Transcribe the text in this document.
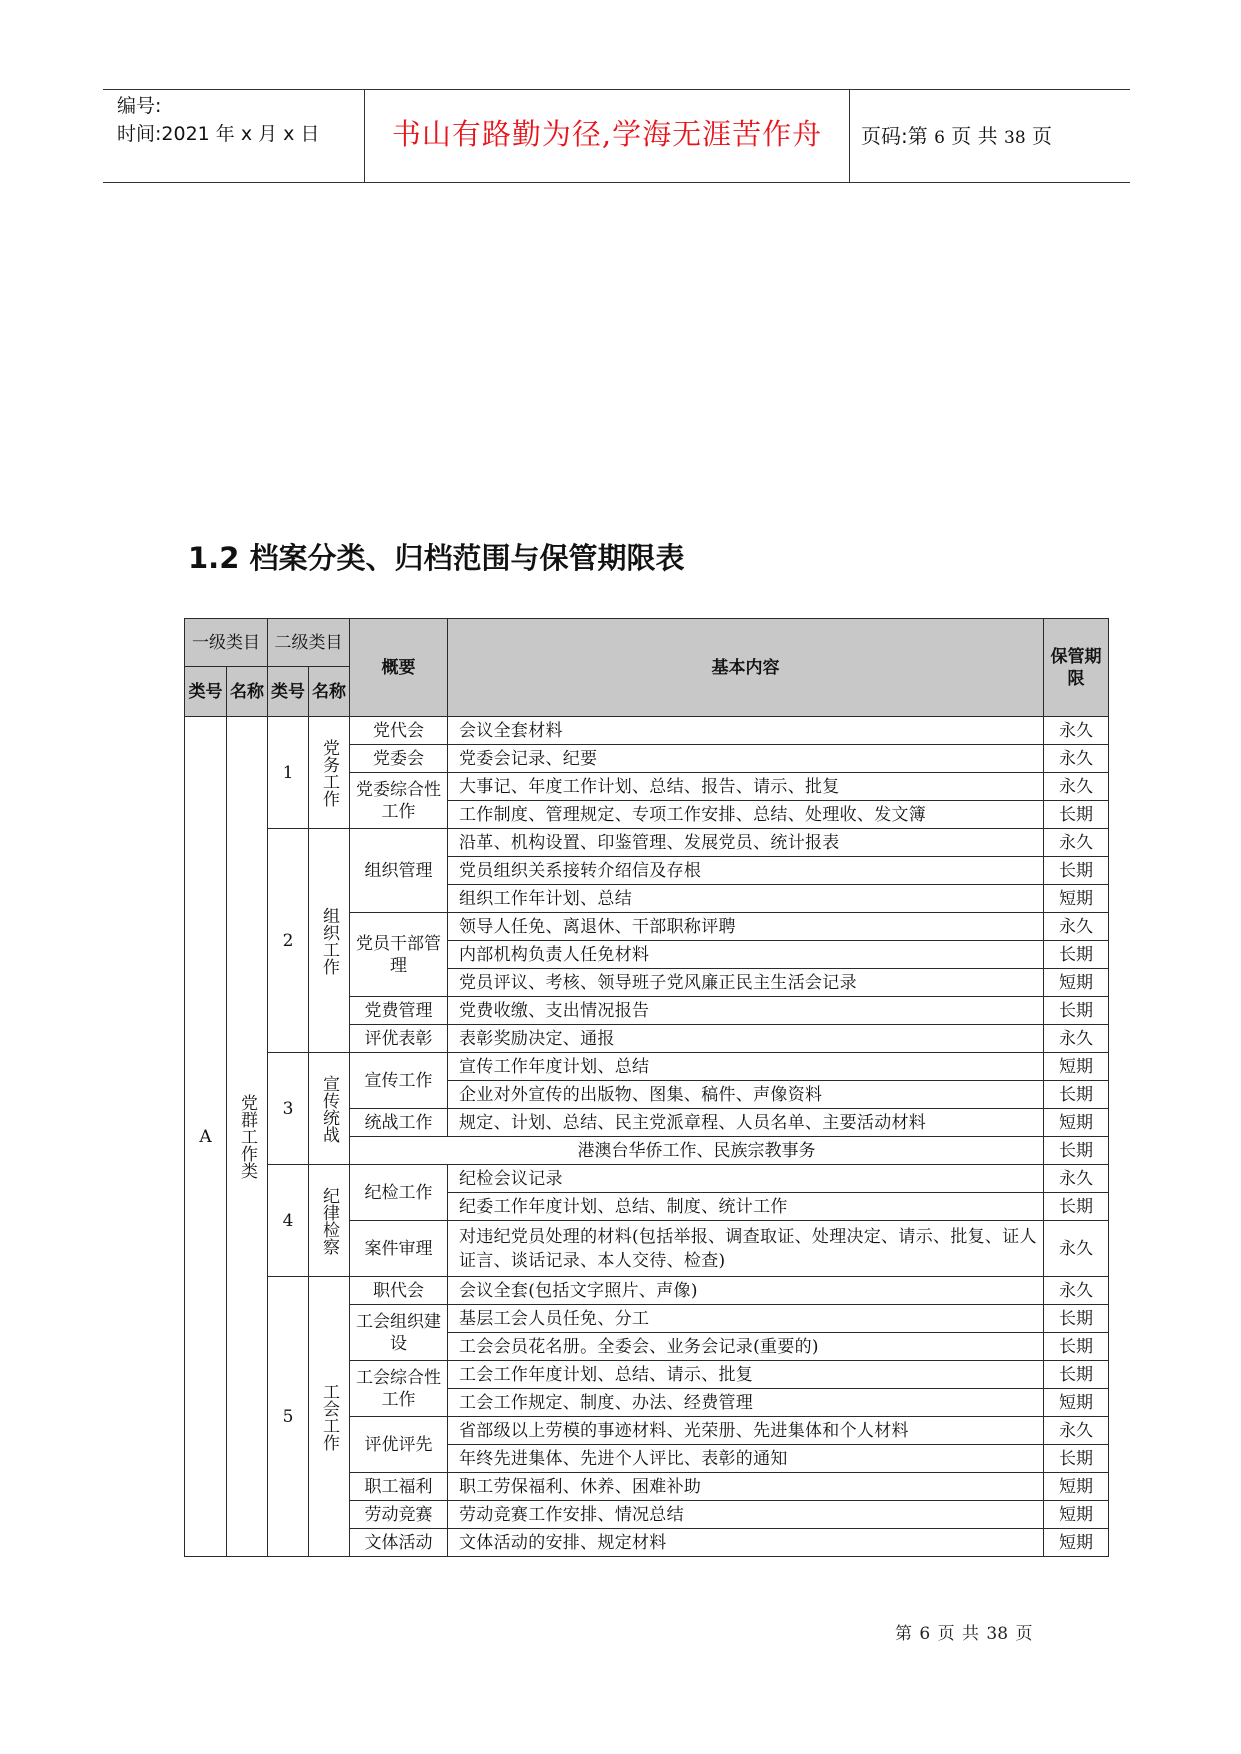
编号:
时间:2021 年 x 月 x 日	书山有路勤为径,学海无涯苦作舟	页码:第 6 页 共 38 页
1.2 档案分类、归档范围与保管期限表
一级类目		二级类目		概要	基本内容	保管期限
类号	名称	类号	名称			
A	党群工作类	1	党务工作	党代会	会议全套材料	永久
				党委会	党委会记录、纪要	永久
				党委综合性工作	大事记、年度工作计划、总结、报告、请示、批复	永久
					工作制度、管理规定、专项工作安排、总结、处理收、发文簿	长期
		2	组织工作	组织管理	沿革、机构设置、印鉴管理、发展党员、统计报表	永久
					党员组织关系接转介绍信及存根	长期
					组织工作年计划、总结	短期
				党员干部管理	领导人任免、离退休、干部职称评聘	永久
					内部机构负责人任免材料	长期
					党员评议、考核、领导班子党风廉正民主生活会记录	短期
				党费管理	党费收缴、支出情况报告	长期
				评优表彰	表彰奖励决定、通报	永久
		3	宣传统战	宣传工作	宣传工作年度计划、总结	短期
					企业对外宣传的出版物、图集、稿件、声像资料	长期
				统战工作	规定、计划、总结、民主党派章程、人员名单、主要活动材料	短期
				港澳台华侨工作、民族宗教事务		长期
		4	纪律检察	纪检工作	纪检会议记录	永久
					纪委工作年度计划、总结、制度、统计工作	长期
				案件审理	对违纪党员处理的材料(包括举报、调查取证、处理决定、请示、批复、证人证言、谈话记录、本人交待、检查)	永久
		5	工会工作	职代会	会议全套(包括文字照片、声像)	永久
				工会组织建设	基层工会人员任免、分工	长期
					工会会员花名册。全委会、业务会记录(重要的)	长期
				工会综合性工作	工会工作年度计划、总结、请示、批复	长期
					工会工作规定、制度、办法、经费管理	短期
				评优评先	省部级以上劳模的事迹材料、光荣册、先进集体和个人材料	永久
					年终先进集体、先进个人评比、表彰的通知	长期
				职工福利	职工劳保福利、休养、困难补助	短期
				劳动竞赛	劳动竞赛工作安排、情况总结	短期
				文体活动	文体活动的安排、规定材料	短期
第 6 页 共 38 页
